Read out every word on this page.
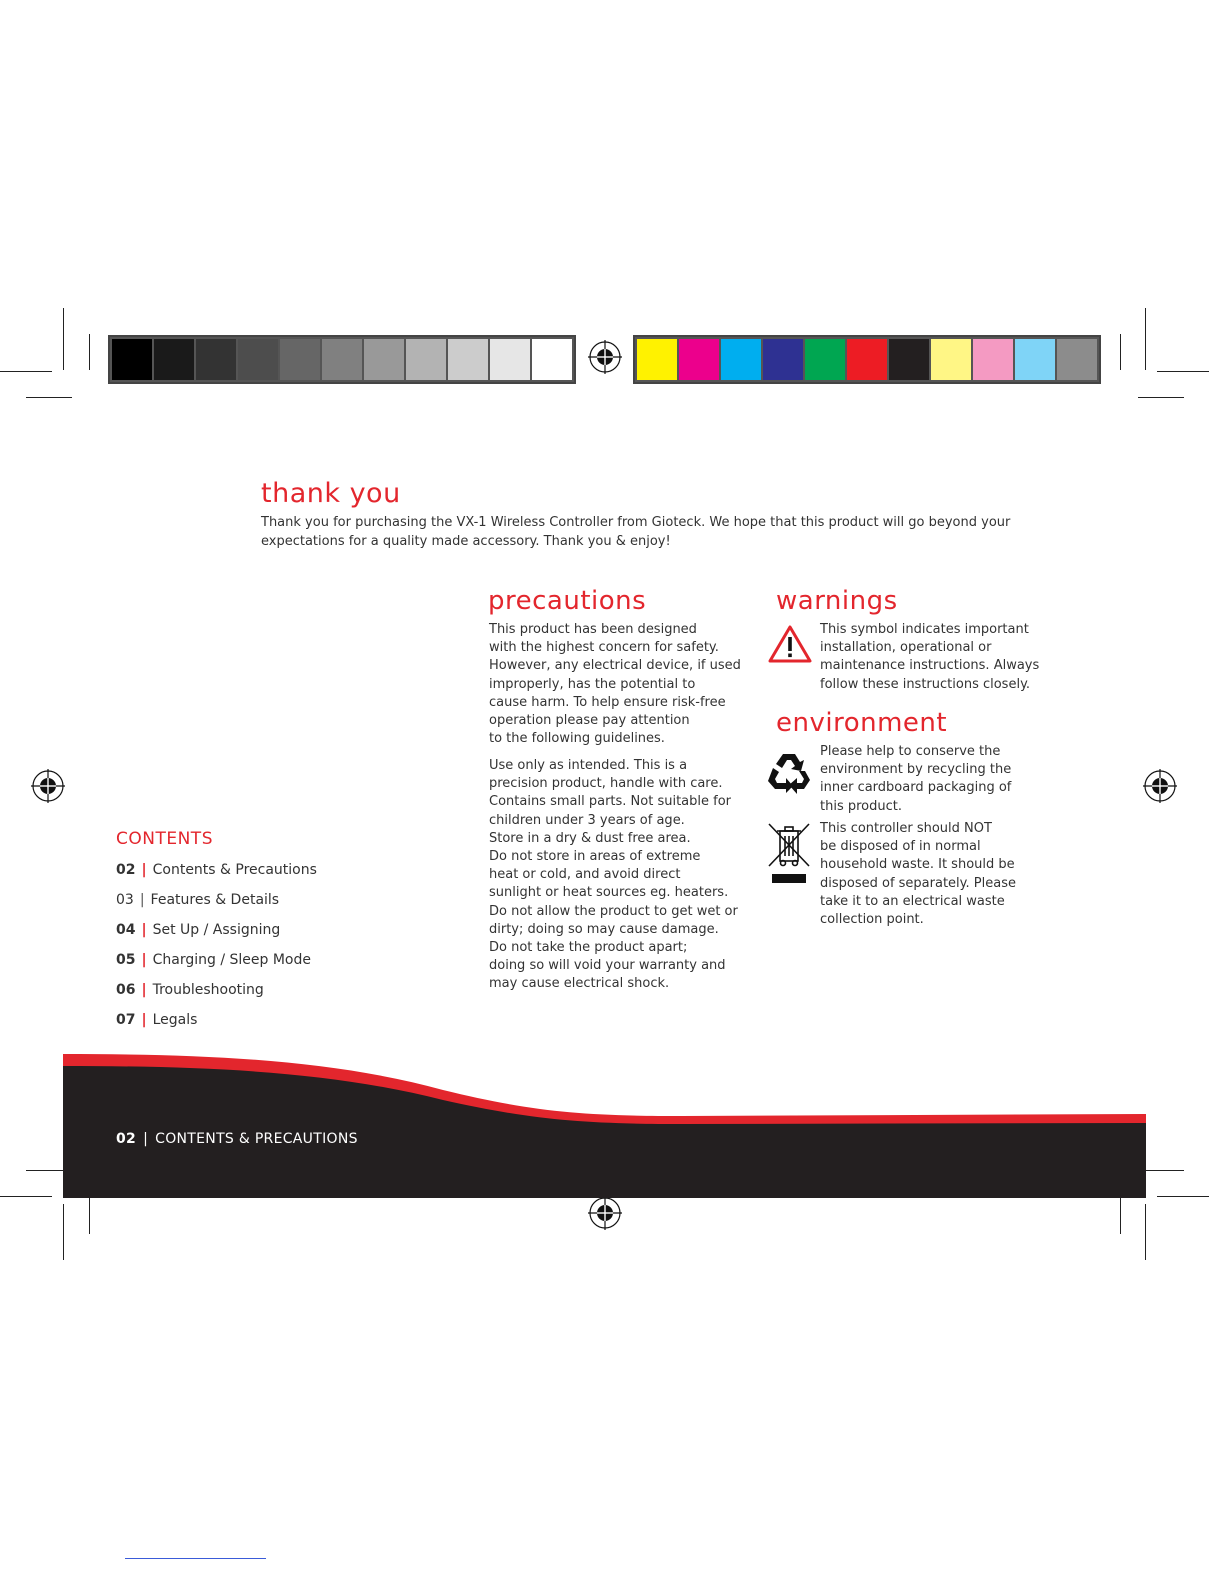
thank you
Thank you for purchasing the VX-1 Wireless Controller from Gioteck. We hope that this product will go beyond your expectations for a quality made accessory. Thank you & enjoy!
precautions
This product has been designed
with the highest concern for safety.
However, any electrical device, if used
improperly, has the potential to
cause harm. To help ensure risk-free
operation please pay attention
to the following guidelines.
Use only as intended. This is a
precision product, handle with care.
Contains small parts. Not suitable for
children under 3 years of age.
Store in a dry & dust free area.
Do not store in areas of extreme
heat or cold, and avoid direct
sunlight or heat sources eg. heaters.
Do not allow the product to get wet or
dirty; doing so may cause damage.
Do not take the product apart;
doing so will void your warranty and
may cause electrical shock.
warnings
This symbol indicates important
installation, operational or
maintenance instructions. Always
follow these instructions closely.
environment
Please help to conserve the
environment by recycling the
inner cardboard packaging of
this product.
This controller should NOT
be disposed of in normal
household waste. It should be
disposed of separately. Please
take it to an electrical waste
collection point.
CONTENTS
02 | Contents & Precautions
03 | Features & Details
04 | Set Up / Assigning
05 | Charging / Sleep Mode
06 | Troubleshooting
07 | Legals
02 | CONTENTS & PRECAUTIONS
